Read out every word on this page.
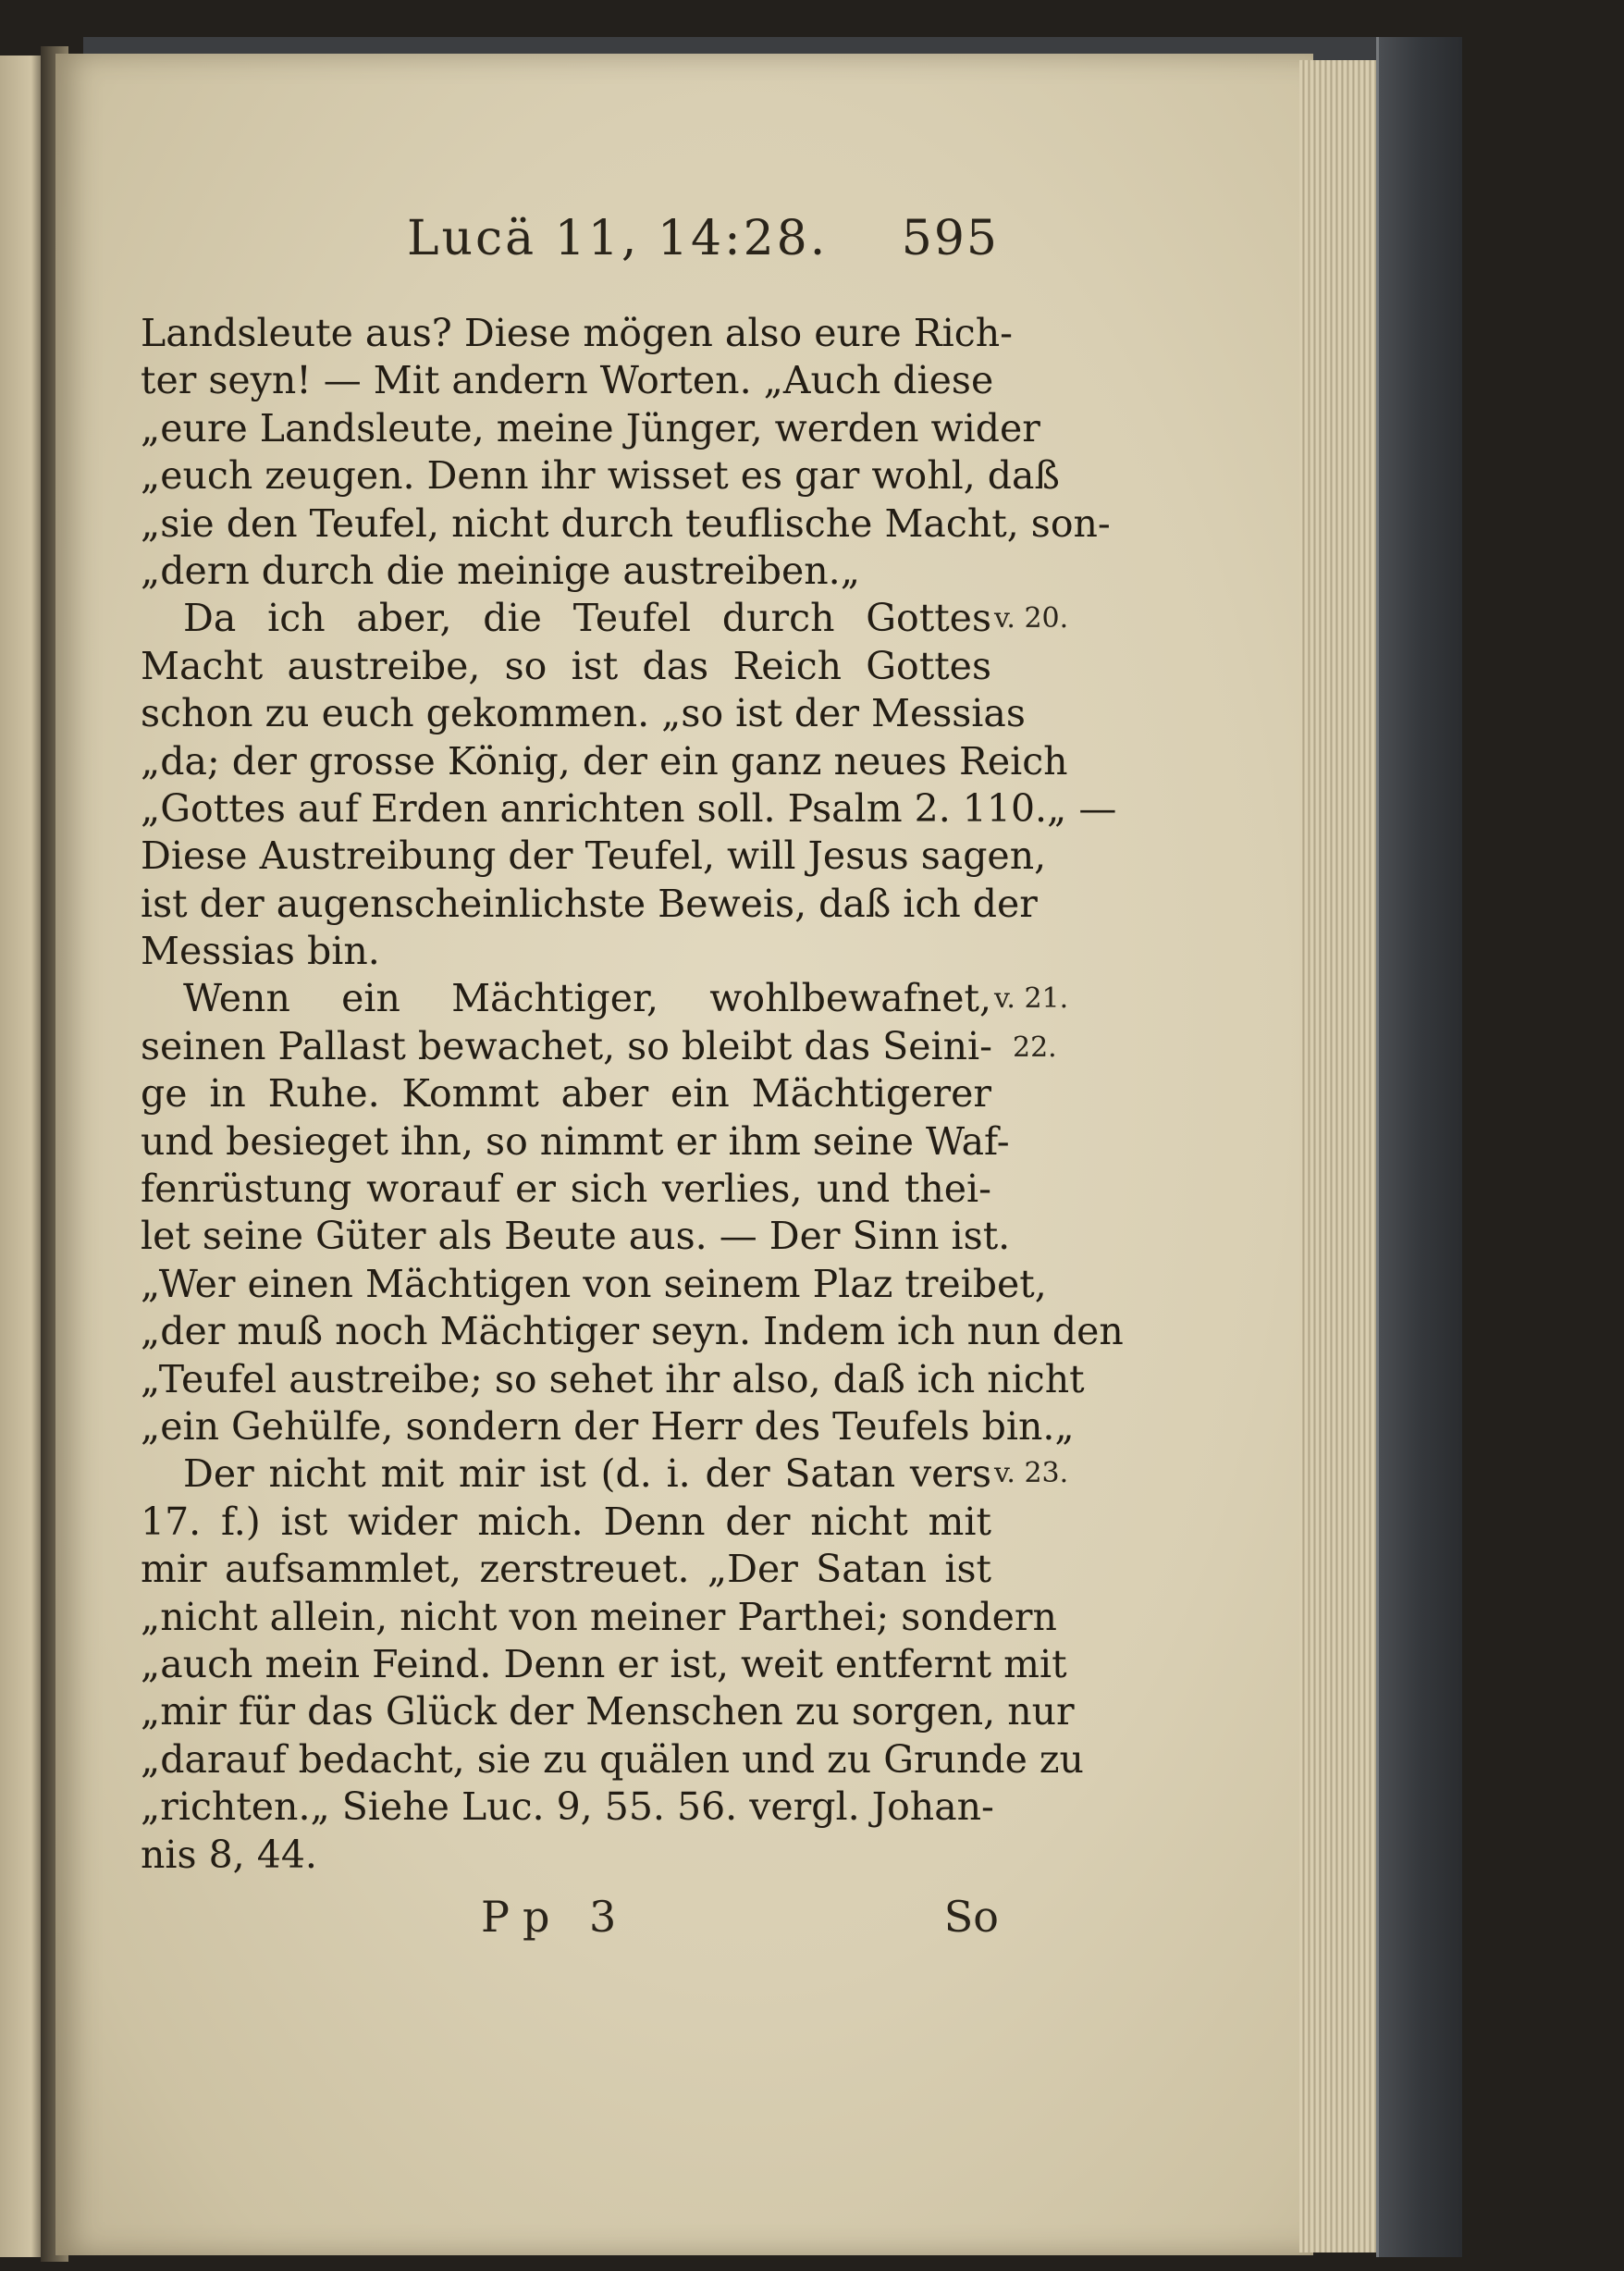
Lucä 11, 14:28. 595
Landsleute aus? Diese mögen also eure Rich-
ter seyn! — Mit andern Worten. „Auch diese
„eure Landsleute, meine Jünger, werden wider
„euch zeugen. Denn ihr wisset es gar wohl, daß
„sie den Teufel, nicht durch teuflische Macht, son-
„dern durch die meinige austreiben.„
Da ich aber, die Teufel durch Gottes
Macht austreibe, so ist das Reich Gottes
schon zu euch gekommen. „so ist der Messias
„da; der grosse König, der ein ganz neues Reich
„Gottes auf Erden anrichten soll. Psalm 2. 110.„ —
Diese Austreibung der Teufel, will Jesus sagen,
ist der augenscheinlichste Beweis, daß ich der
Messias bin.
Wenn ein Mächtiger, wohlbewafnet,
seinen Pallast bewachet, so bleibt das Seini-
ge in Ruhe. Kommt aber ein Mächtigerer
und besieget ihn, so nimmt er ihm seine Waf-
fenrüstung worauf er sich verlies, und thei-
let seine Güter als Beute aus. — Der Sinn ist.
„Wer einen Mächtigen von seinem Plaz treibet,
„der muß noch Mächtiger seyn. Indem ich nun den
„Teufel austreibe; so sehet ihr also, daß ich nicht
„ein Gehülfe, sondern der Herr des Teufels bin.„
Der nicht mit mir ist (d. i. der Satan vers
17. f.) ist wider mich. Denn der nicht mit
mir aufsammlet, zerstreuet. „Der Satan ist
„nicht allein, nicht von meiner Parthei; sondern
„auch mein Feind. Denn er ist, weit entfernt mit
„mir für das Glück der Menschen zu sorgen, nur
„darauf bedacht, sie zu quälen und zu Grunde zu
„richten.„ Siehe Luc. 9, 55. 56. vergl. Johan-
nis 8, 44.
v. 20.
v. 21.
22.
v. 23.
Pp 3	So
